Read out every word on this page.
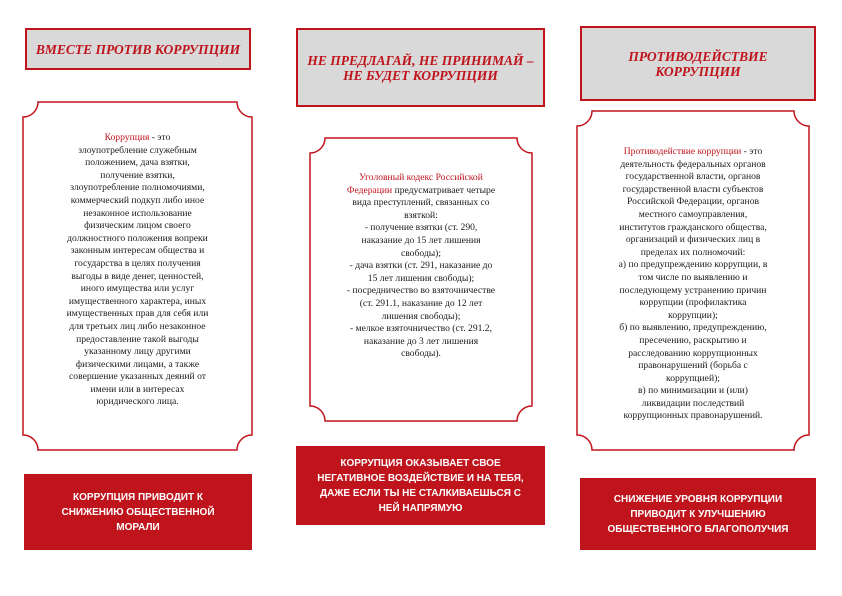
ВМЕСТЕ ПРОТИВ КОРРУПЦИИ
Коррупция - это
злоупотребление служебным
положением, дача взятки,
получение взятки,
злоупотребление полномочиями,
коммерческий подкуп либо иное
незаконное использование
физическим лицом своего
должностного положения вопреки
законным интересам общества и
государства в целях получения
выгоды в виде денег, ценностей,
иного имущества или услуг
имущественного характера, иных
имущественных прав для себя или
для третьих лиц либо незаконное
предоставление такой выгоды
указанному лицу другими
физическими лицами, а также
совершение указанных деяний от
имени или в интересах
юридического лица.
КОРРУПЦИЯ ПРИВОДИТ К СНИЖЕНИЮ ОБЩЕСТВЕННОЙ МОРАЛИ
НЕ ПРЕДЛАГАЙ, НЕ ПРИНИМАЙ – НЕ БУДЕТ КОРРУПЦИИ
Уголовный кодекс Российской
Федерации предусматривает четыре
вида преступлений, связанных со
взяткой:
- получение взятки (ст. 290,
наказание до 15 лет лишения
свободы);
- дача взятки (ст. 291, наказание до
15 лет лишения свободы);
- посредничество во взяточничестве
(ст. 291.1, наказание до 12 лет
лишения свободы);
- мелкое взяточничество (ст. 291.2,
наказание до 3 лет лишения
свободы).
КОРРУПЦИЯ ОКАЗЫВАЕТ СВОЕ НЕГАТИВНОЕ ВОЗДЕЙСТВИЕ И НА ТЕБЯ, ДАЖЕ ЕСЛИ ТЫ НЕ СТАЛКИВАЕШЬСЯ С НЕЙ НАПРЯМУЮ
ПРОТИВОДЕЙСТВИЕ КОРРУПЦИИ
Противодействие коррупции - это
деятельность федеральных органов
государственной власти, органов
государственной власти субъектов
Российской Федерации, органов
местного самоуправления,
институтов гражданского общества,
организаций и физических лиц в
пределах их полномочий:
а) по предупреждению коррупции, в
том числе по выявлению и
последующему устранению причин
коррупции (профилактика
коррупции);
б) по выявлению, предупреждению,
пресечению, раскрытию и
расследованию коррупционных
правонарушений (борьба с
коррупцией);
в) по минимизации и (или)
ликвидации последствий
коррупционных правонарушений.
СНИЖЕНИЕ УРОВНЯ КОРРУПЦИИ ПРИВОДИТ К УЛУЧШЕНИЮ ОБЩЕСТВЕННОГО БЛАГОПОЛУЧИЯ
